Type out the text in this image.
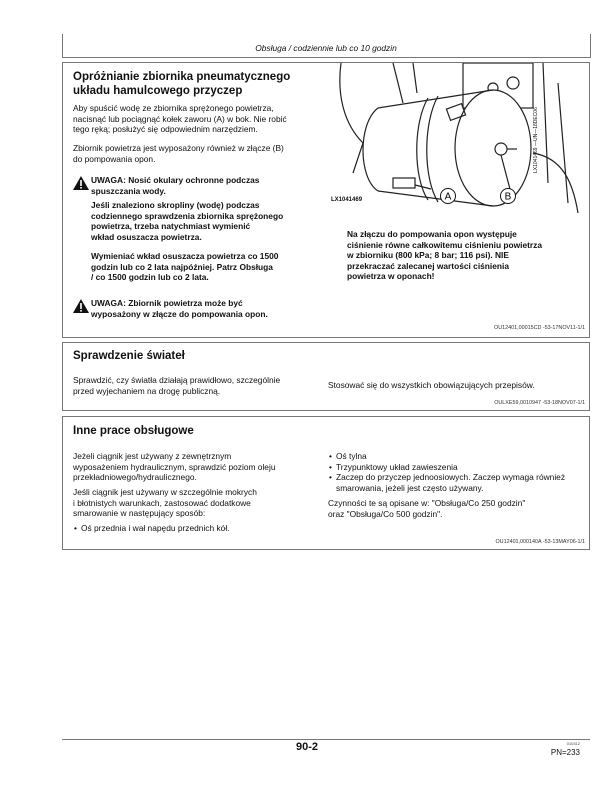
Obsługa / codziennie lub co 10 godzin
Opróżnianie zbiornika pneumatycznego
układu hamulcowego przyczep
Aby spuścić wodę ze zbiornika sprężonego powietrza,
nacisnąć lub pociągnąć kołek zaworu (A) w bok. Nie robić
tego ręką; posłużyć się odpowiednim narzędziem.
Zbiornik powietrza jest wyposażony również w złącze (B)
do pompowania opon.
UWAGA: Nosić okulary ochronne podczas
spuszczania wody.
Jeśli znaleziono skropliny (wodę) podczas
codziennego sprawdzenia zbiornika sprężonego
powietrza, trzeba natychmiast wymienić
wkład osuszacza powietrza.
Wymieniać wkład osuszacza powietrza co 1500
godzin lub co 2 lata najpóźniej. Patrz Obsługa
/ co 1500 godzin lub co 2 lata.
UWAGA: Zbiornik powietrza może być
wyposażony w złącze do pompowania opon.
A	B
LX1041469
LX1041469 —UN—18DEC06
Na złączu do pompowania opon występuje
ciśnienie równe całkowitemu ciśnieniu powietrza
w zbiorniku (800 kPa; 8 bar; 116 psi). NIE
przekraczać zalecanej wartości ciśnienia
powietrza w oponach!
OU12401,00015CD -53-17NOV11-1/1
Sprawdzenie świateł
Sprawdzić, czy światła działają prawidłowo, szczególnie
przed wyjechaniem na drogę publiczną.
Stosować się do wszystkich obowiązujących przepisów.
OULXE59,0010947 -53-18NOV07-1/1
Inne prace obsługowe
Jeżeli ciągnik jest używany z zewnętrznym
wyposażeniem hydraulicznym, sprawdzić poziom oleju
przekładniowego/hydraulicznego.
Jeśli ciągnik jest używany w szczególnie mokrych
i błotnistych warunkach, zastosować dodatkowe
smarowanie w następujący sposób:
• Oś przednia i wał napędu przednich kół.
• Oś tylna
• Trzypunktowy układ zawieszenia
• Zaczep do przyczep jednoosiowych. Zaczep wymaga również smarowania, jeżeli jest często używany.
Czynności te są opisane w: "Obsługa/Co 250 godzin"
oraz "Obsługa/Co 500 godzin".
OU12401,000140A -53-13MAY06-1/1
90-2	010312
PN=233
